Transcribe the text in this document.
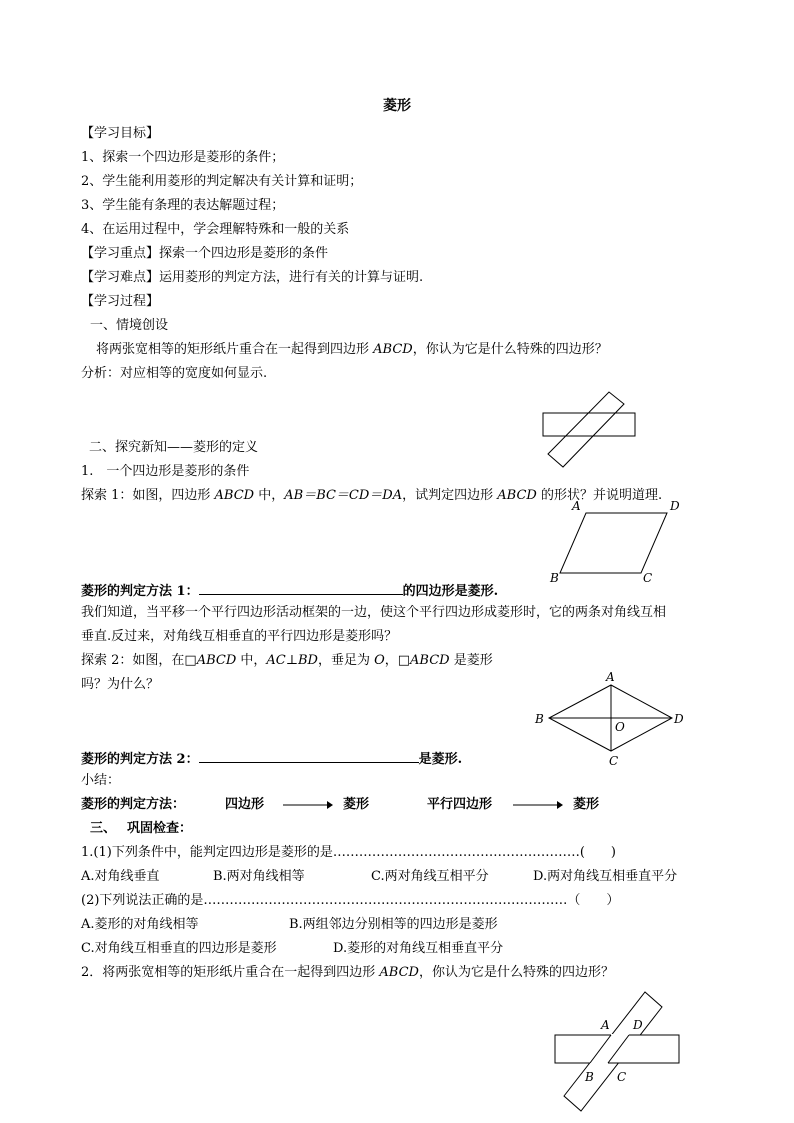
菱形
【学习目标】
1、探索一个四边形是菱形的条件；
2、学生能利用菱形的判定解决有关计算和证明；
3、学生能有条理的表达解题过程；
4、在运用过程中，学会理解特殊和一般的关系
【学习重点】探索一个四边形是菱形的条件
【学习难点】运用菱形的判定方法，进行有关的计算与证明.
【学习过程】
一、情境创设
将两张宽相等的矩形纸片重合在一起得到四边形 ABCD，你认为它是什么特殊的四边形？
分析：对应相等的宽度如何显示.
二、探究新知——菱形的定义
1.　一个四边形是菱形的条件
探索 1：如图，四边形 ABCD 中，AB＝BC＝CD＝DA，试判定四边形 ABCD 的形状？并说明道理.
A	D
B	C
菱形的判定方法 1：	的四边形是菱形.
我们知道，当平移一个平行四边形活动框架的一边，使这个平行四边形成菱形时，它的两条对角线互相
垂直.反过来，对角线互相垂直的平行四边形是菱形吗？
探索 2：如图，在□ABCD 中，AC⊥BD，垂足为 O，□ABCD 是菱形
吗？为什么？	A
B
O
D
C
菱形的判定方法 2：	是菱形.
小结：
菱形的判定方法：	四边形	菱形	平行四边形	菱形
三、　 巩固检查：
1.(1)下列条件中，能判定四边形是菱形的是…………………………………………………(　　)
A.对角线垂直	B.两对角线相等	C.两对角线互相平分	D.两对角线互相垂直平分
(2)下列说法正确的是…………………………………………………………………………（　　）
A.菱形的对角线相等	B.两组邻边分别相等的四边形是菱形
C.对角线互相垂直的四边形是菱形	D.菱形的对角线互相垂直平分
2．将两张宽相等的矩形纸片重合在一起得到四边形 ABCD，你认为它是什么特殊的四边形？
A D
B C
